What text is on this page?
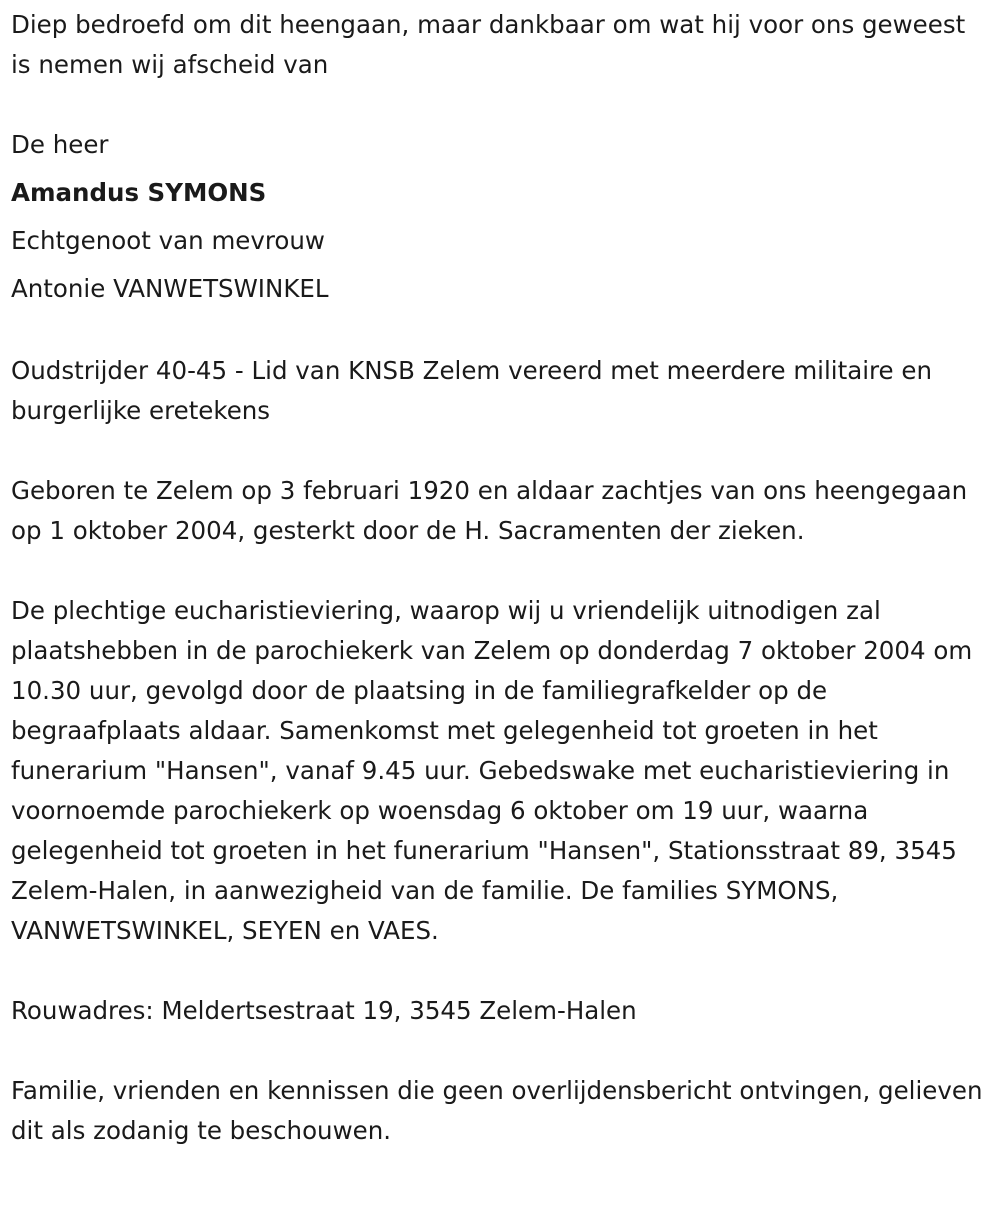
Diep bedroefd om dit heengaan, maar dankbaar om wat hij voor ons geweest is nemen wij afscheid van

De heer

Amandus SYMONS

Echtgenoot van mevrouw

Antonie VANWETSWINKEL

Oudstrijder 40-45 - Lid van KNSB Zelem vereerd met meerdere militaire en burgerlijke eretekens

Geboren te Zelem op 3 februari 1920 en aldaar zachtjes van ons heengegaan op 1 oktober 2004, gesterkt door de H. Sacramenten der zieken.

De plechtige eucharistieviering, waarop wij u vriendelijk uitnodigen zal plaatshebben in de parochiekerk van Zelem op donderdag 7 oktober 2004 om 10.30 uur, gevolgd door de plaatsing in de familiegrafkelder op de begraafplaats aldaar. Samenkomst met gelegenheid tot groeten in het funerarium "Hansen", vanaf 9.45 uur. Gebedswake met eucharistieviering in voornoemde parochiekerk op woensdag 6 oktober om 19 uur, waarna gelegenheid tot groeten in het funerarium "Hansen", Stationsstraat 89, 3545 Zelem-Halen, in aanwezigheid van de familie. De families SYMONS, VANWETSWINKEL, SEYEN en VAES.

Rouwadres: Meldertsestraat 19, 3545 Zelem-Halen

Familie, vrienden en kennissen die geen overlijdensbericht ontvingen, gelieven dit als zodanig te beschouwen.
